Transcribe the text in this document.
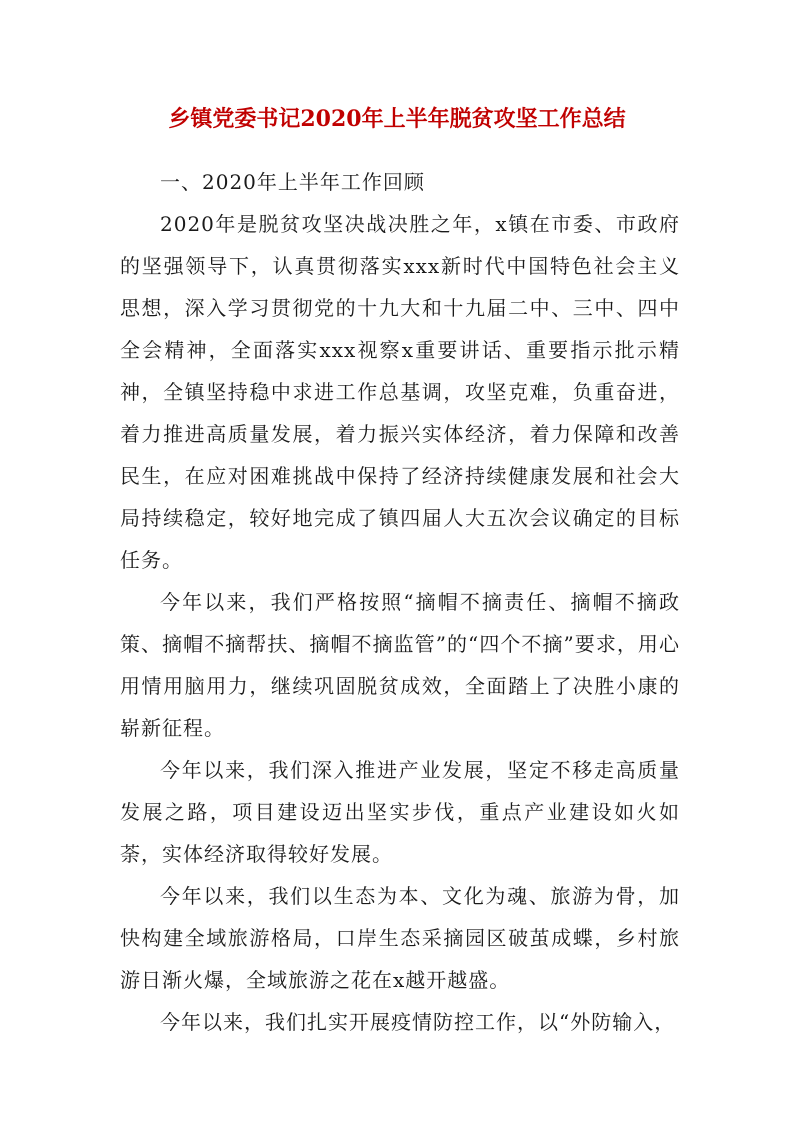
乡镇党委书记2020年上半年脱贫攻坚工作总结

一、2020年上半年工作回顾

2020年是脱贫攻坚决战决胜之年，x镇在市委、市政府的坚强领导下，认真贯彻落实xxx新时代中国特色社会主义思想，深入学习贯彻党的十九大和十九届二中、三中、四中全会精神，全面落实xxx视察x重要讲话、重要指示批示精神，全镇坚持稳中求进工作总基调，攻坚克难，负重奋进，着力推进高质量发展，着力振兴实体经济，着力保障和改善民生，在应对困难挑战中保持了经济持续健康发展和社会大局持续稳定，较好地完成了镇四届人大五次会议确定的目标任务。

今年以来，我们严格按照“摘帽不摘责任、摘帽不摘政策、摘帽不摘帮扶、摘帽不摘监管”的“四个不摘”要求，用心用情用脑用力，继续巩固脱贫成效，全面踏上了决胜小康的崭新征程。

今年以来，我们深入推进产业发展，坚定不移走高质量发展之路，项目建设迈出坚实步伐，重点产业建设如火如荼，实体经济取得较好发展。

今年以来，我们以生态为本、文化为魂、旅游为骨，加快构建全域旅游格局，口岸生态采摘园区破茧成蝶，乡村旅游日渐火爆，全域旅游之花在x越开越盛。

今年以来，我们扎实开展疫情防控工作，以“外防输入，
